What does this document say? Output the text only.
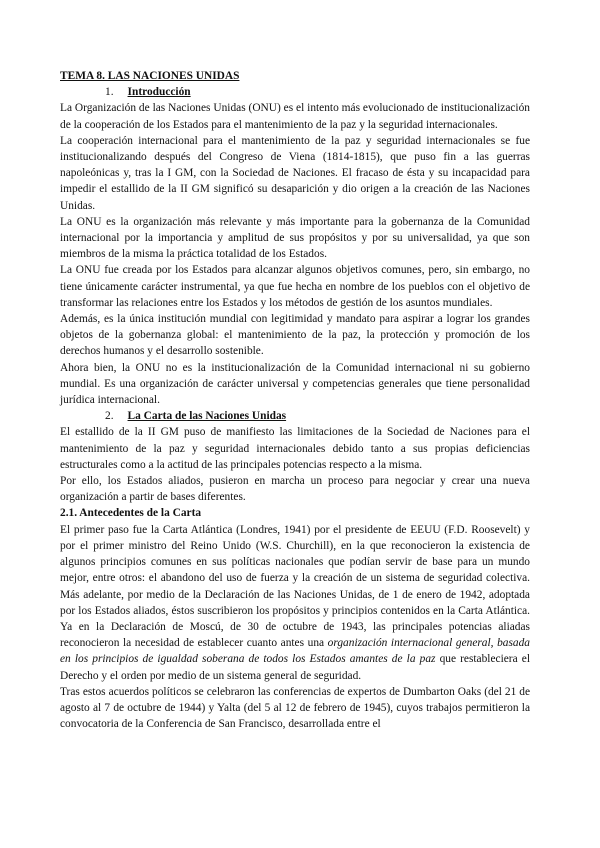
TEMA 8. LAS NACIONES UNIDAS

1. Introducción

La Organización de las Naciones Unidas (ONU) es el intento más evolucionado de institucionalización de la cooperación de los Estados para el mantenimiento de la paz y la seguridad internacionales.

La cooperación internacional para el mantenimiento de la paz y seguridad internacionales se fue institucionalizando después del Congreso de Viena (1814-1815), que puso fin a las guerras napoleónicas y, tras la I GM, con la Sociedad de Naciones. El fracaso de ésta y su incapacidad para impedir el estallido de la II GM significó su desaparición y dio origen a la creación de las Naciones Unidas.

La ONU es la organización más relevante y más importante para la gobernanza de la Comunidad internacional por la importancia y amplitud de sus propósitos y por su universalidad, ya que son miembros de la misma la práctica totalidad de los Estados.

La ONU fue creada por los Estados para alcanzar algunos objetivos comunes, pero, sin embargo, no tiene únicamente carácter instrumental, ya que fue hecha en nombre de los pueblos con el objetivo de transformar las relaciones entre los Estados y los métodos de gestión de los asuntos mundiales.

Además, es la única institución mundial con legitimidad y mandato para aspirar a lograr los grandes objetos de la gobernanza global: el mantenimiento de la paz, la protección y promoción de los derechos humanos y el desarrollo sostenible.

Ahora bien, la ONU no es la institucionalización de la Comunidad internacional ni su gobierno mundial. Es una organización de carácter universal y competencias generales que tiene personalidad jurídica internacional.

2. La Carta de las Naciones Unidas

El estallido de la II GM puso de manifiesto las limitaciones de la Sociedad de Naciones para el mantenimiento de la paz y seguridad internacionales debido tanto a sus propias deficiencias estructurales como a la actitud de las principales potencias respecto a la misma.

Por ello, los Estados aliados, pusieron en marcha un proceso para negociar y crear una nueva organización a partir de bases diferentes.

2.1. Antecedentes de la Carta

El primer paso fue la Carta Atlántica (Londres, 1941) por el presidente de EEUU (F.D. Roosevelt) y por el primer ministro del Reino Unido (W.S. Churchill), en la que reconocieron la existencia de algunos principios comunes en sus políticas nacionales que podían servir de base para un mundo mejor, entre otros: el abandono del uso de fuerza y la creación de un sistema de seguridad colectiva. Más adelante, por medio de la Declaración de las Naciones Unidas, de 1 de enero de 1942, adoptada por los Estados aliados, éstos suscribieron los propósitos y principios contenidos en la Carta Atlántica. Ya en la Declaración de Moscú, de 30 de octubre de 1943, las principales potencias aliadas reconocieron la necesidad de establecer cuanto antes una organización internacional general, basada en los principios de igualdad soberana de todos los Estados amantes de la paz que restableciera el Derecho y el orden por medio de un sistema general de seguridad.

Tras estos acuerdos políticos se celebraron las conferencias de expertos de Dumbarton Oaks (del 21 de agosto al 7 de octubre de 1944) y Yalta (del 5 al 12 de febrero de 1945), cuyos trabajos permitieron la convocatoria de la Conferencia de San Francisco, desarrollada entre el
